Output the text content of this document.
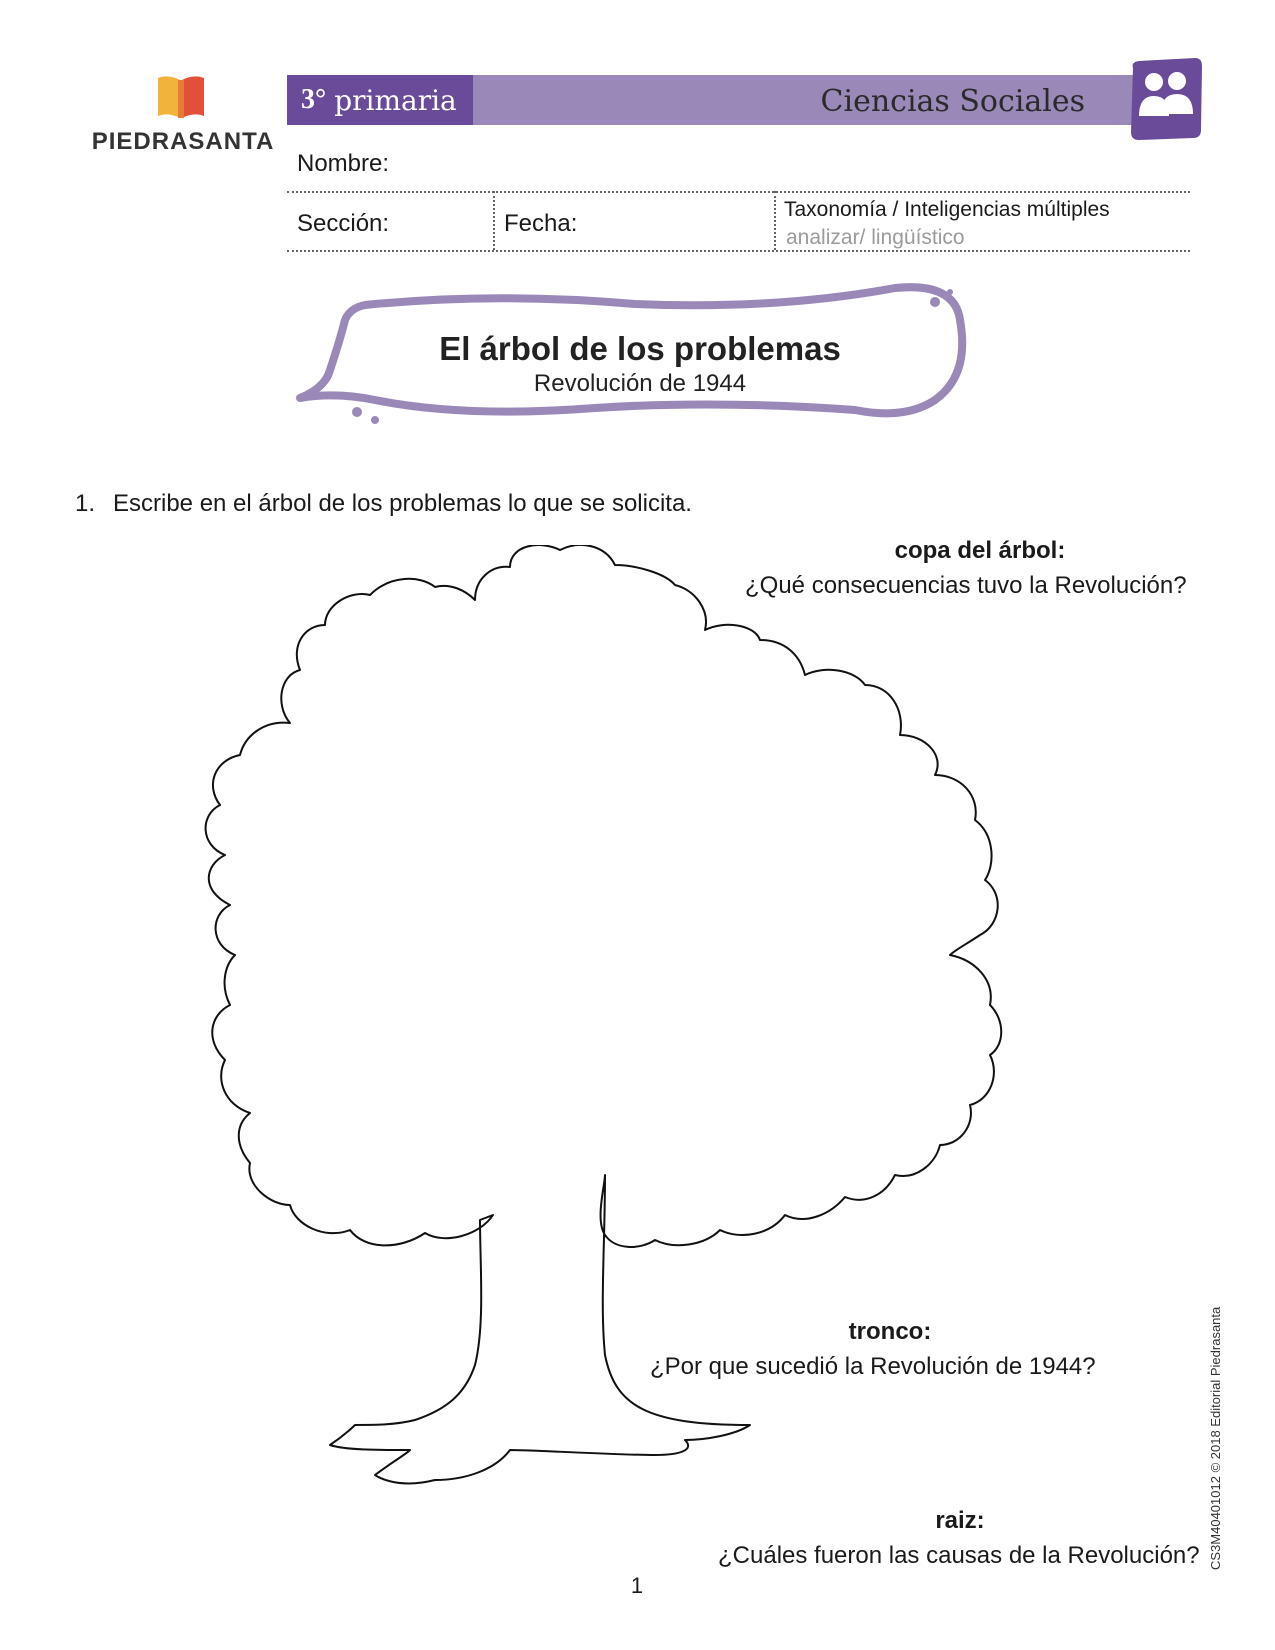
PIEDRASANTA
3° primaria	Ciencias Sociales
Nombre:
Sección:	Fecha:
Taxonomía / Inteligencias múltiples
analizar/ lingüístico
El árbol de los problemas
Revolución de 1944
1. Escribe en el árbol de los problemas lo que se solicita.
copa del árbol:
¿Qué consecuencias tuvo la Revolución?
tronco:
¿Por que sucedió la Revolución de 1944?
raiz:
¿Cuáles fueron las causas de la Revolución?
1
CS3M40401012 © 2018 Editorial Piedrasanta
